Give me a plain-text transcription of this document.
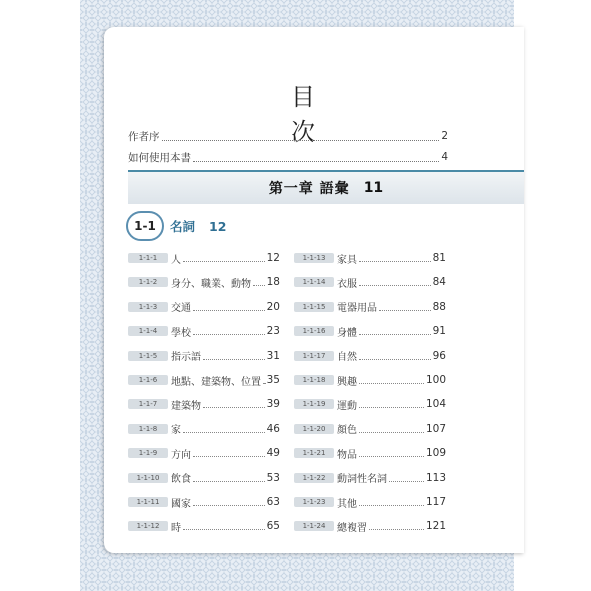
目 次
作者序	2
如何使用本書	4
第一章 語彙 11
1-1	名詞 12
1-1-1	人	12
1-1-2	身分、職業、動物 18
1-1-3	交通	20
1-1-4	學校	23
1-1-5	指示語	31
1-1-6	地點、建築物、位置 35
1-1-7	建築物	39
1-1-8	家	46
1-1-9	方向	49
1-1-10	飲食	53
1-1-11	國家	63
1-1-12	時	65
1-1-13	家具	81
1-1-14	衣服	84
1-1-15	電器用品	88
1-1-16	身體	91
1-1-17	自然	96
1-1-18	興趣	100
1-1-19	運動	104
1-1-20	顏色	107
1-1-21	物品	109
1-1-22	動詞性名詞	113
1-1-23	其他	117
1-1-24	總複習	121
